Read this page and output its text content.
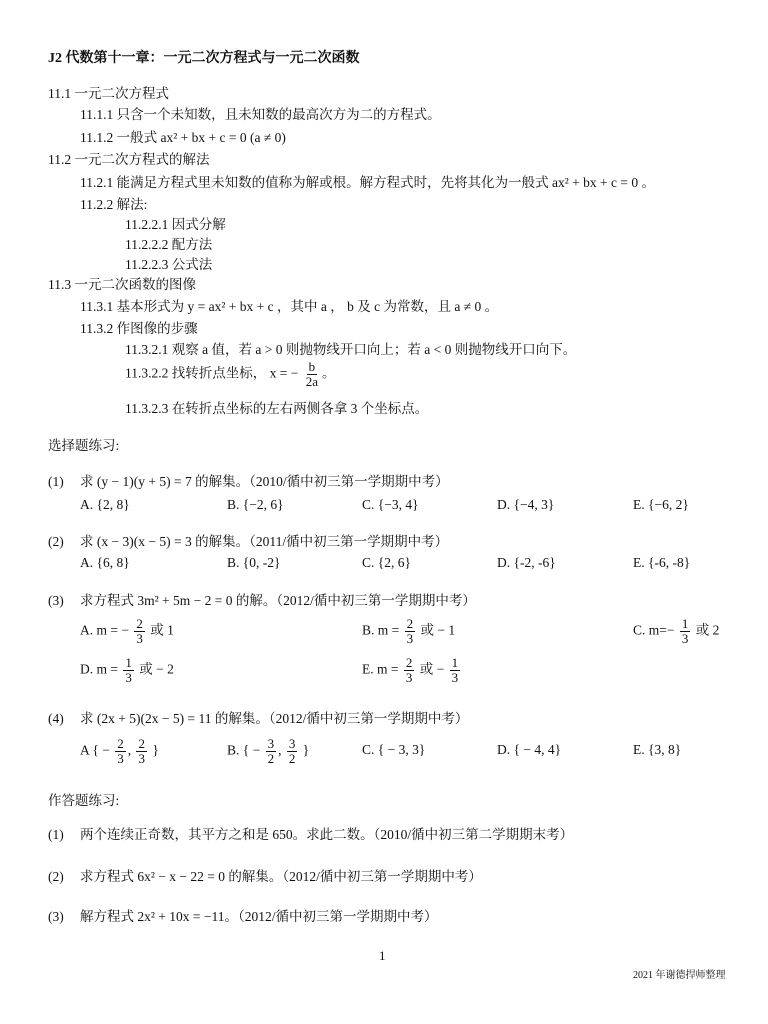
J2 代数第十一章：一元二次方程式与一元二次函数
11.1 一元二次方程式
11.1.1 只含一个未知数，且未知数的最高次方为二的方程式。
11.1.2 一般式 ax² + bx + c = 0 (a ≠ 0)
11.2 一元二次方程式的解法
11.2.1 能满足方程式里未知数的值称为解或根。解方程式时，先将其化为一般式 ax² + bx + c = 0 。
11.2.2 解法:
11.2.2.1 因式分解
11.2.2.2 配方法
11.2.2.3 公式法
11.3 一元二次函数的图像
11.3.1 基本形式为 y = ax² + bx + c ，其中 a ， b 及 c 为常数，且 a ≠ 0 。
11.3.2 作图像的步骤
11.3.2.1 观察 a 值，若 a > 0 则抛物线开口向上；若 a < 0 则抛物线开口向下。
11.3.2.2 找转折点坐标， x = − $\frac{b}{2a}$ 。
11.3.2.3 在转折点坐标的左右两侧各拿 3 个坐标点。
选择题练习:
(1) 求 (y − 1)(y + 5) = 7 的解集。（2010/循中初三第一学期期中考）
A. {2, 8}	B. {−2, 6}	C. {−3, 4}	D. {−4, 3}	E. {−6, 2}
(2) 求 (x − 3)(x − 5) = 3 的解集。（2011/循中初三第一学期期中考）
A. {6, 8}	B. {0, -2}	C. {2, 6}	D. {-2, -6}	E. {-6, -8}
(3) 求方程式 3m² + 5m − 2 = 0 的解。（2012/循中初三第一学期期中考）
A. m = − $\frac{2}{3}$ 或 1	B. $m = \frac{2}{3}$ 或 − 1	C. $m=- \frac{1}{3}$ 或 2
D. $m = \frac{1}{3}$ 或 − 2	E. $m = \frac{2}{3}$ 或 − $\frac{1}{3}$
(4) 求 (2x + 5)(2x − 5) = 11 的解集。（2012/循中初三第一学期期中考）
A { − $\frac{2}{3}$ , $\frac{2}{3}$ }	B. { − $\frac{3}{2}$ , $\frac{3}{2}$ }	C. { − 3, 3}	D. { − 4, 4}	E. {3, 8}
作答题练习:
(1) 两个连续正奇数，其平方之和是 650。求此二数。（2010/循中初三第二学期期末考）
(2) 求方程式 6x² − x − 22 = 0 的解集。（2012/循中初三第一学期期中考）
(3) 解方程式 2x² + 10x = −11。（2012/循中初三第一学期期中考）
1
2021 年谢德捍师整理
